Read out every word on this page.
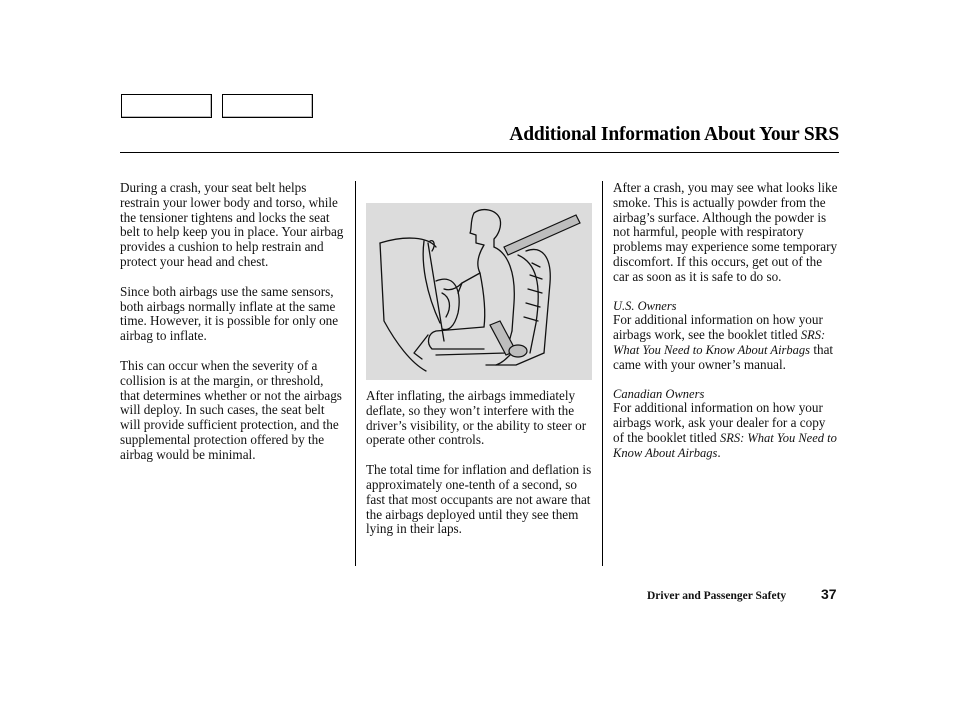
Additional Information About Your SRS

During a crash, your seat belt helps restrain your lower body and torso, while the tensioner tightens and locks the seat belt to help keep you in place. Your airbag provides a cushion to help restrain and protect your head and chest.

Since both airbags use the same sensors, both airbags normally inflate at the same time. However, it is possible for only one airbag to inflate.

This can occur when the severity of a collision is at the margin, or threshold, that determines whether or not the airbags will deploy. In such cases, the seat belt will provide sufficient protection, and the supplemental protection offered by the airbag would be minimal.

After inflating, the airbags immediately deflate, so they won’t interfere with the driver’s visibility, or the ability to steer or operate other controls.

The total time for inflation and deflation is approximately one-tenth of a second, so fast that most occupants are not aware that the airbags deployed until they see them lying in their laps.

After a crash, you may see what looks like smoke. This is actually powder from the airbag’s surface. Although the powder is not harmful, people with respiratory problems may experience some temporary discomfort. If this occurs, get out of the car as soon as it is safe to do so.

U.S. Owners

For additional information on how your airbags work, see the booklet titled SRS: What You Need to Know About Airbags that came with your owner’s manual.

Canadian Owners

For additional information on how your airbags work, ask your dealer for a copy of the booklet titled SRS: What You Need to Know About Airbags.

Driver and Passenger Safety 37
